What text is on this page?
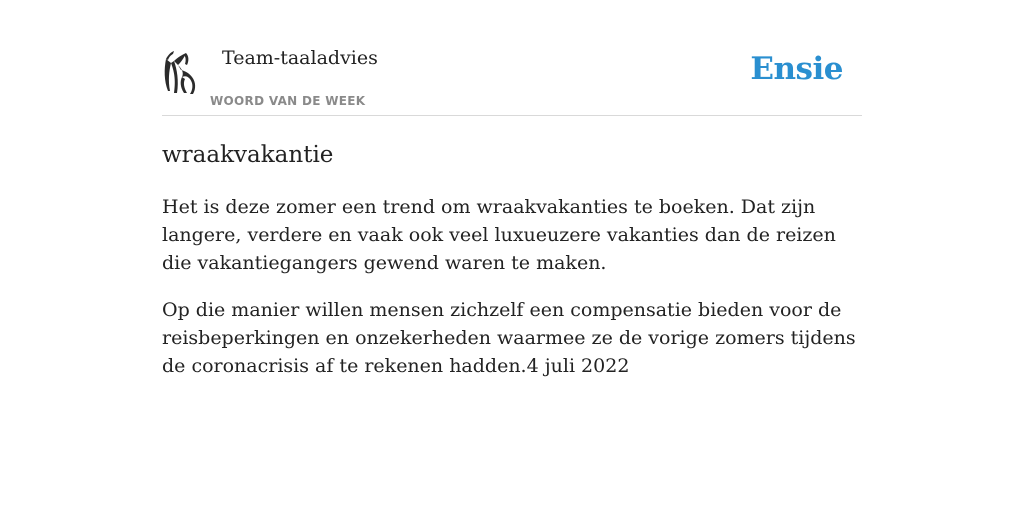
Team-taaladvies
WOORD VAN DE WEEK
Ensie
wraakvakantie

Het is deze zomer een trend om wraakvakanties te boeken. Dat zijn langere, verdere en vaak ook veel luxueuzere vakanties dan de reizen die vakantiegangers gewend waren te maken.

Op die manier willen mensen zichzelf een compensatie bieden voor de reisbeperkingen en onzekerheden waarmee ze de vorige zomers tijdens de coronacrisis af te rekenen hadden.4 juli 2022
